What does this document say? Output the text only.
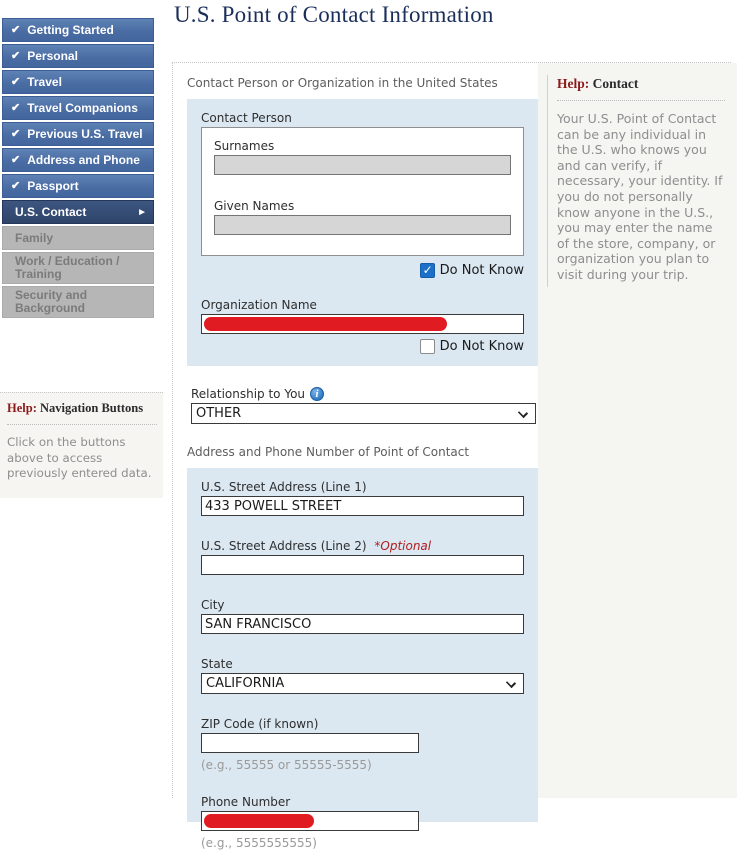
✔ Getting Started
✔ Personal
✔ Travel
✔ Travel Companions
✔ Previous U.S. Travel
✔ Address and Phone
✔ Passport
U.S. Contact	►
Family
Work / Education / Training
Security and Background
Help: Navigation Buttons
Click on the buttons above to access previously entered data.
U.S. Point of Contact Information
Contact Person or Organization in the United States
Contact Person
Surnames
Given Names
✓
Do Not Know
Organization Name
Do Not Know
Relationship to You i
OTHER
Address and Phone Number of Point of Contact
U.S. Street Address (Line 1)
433 POWELL STREET
U.S. Street Address (Line 2) *Optional
City
SAN FRANCISCO
State
CALIFORNIA
ZIP Code (if known)
(e.g., 55555 or 55555-5555)
Phone Number
(e.g., 5555555555)
Help: Contact
Your U.S. Point of Contact can be any individual in the U.S. who knows you and can verify, if necessary, your identity. If you do not personally know anyone in the U.S., you may enter the name of the store, company, or organization you plan to visit during your trip.
